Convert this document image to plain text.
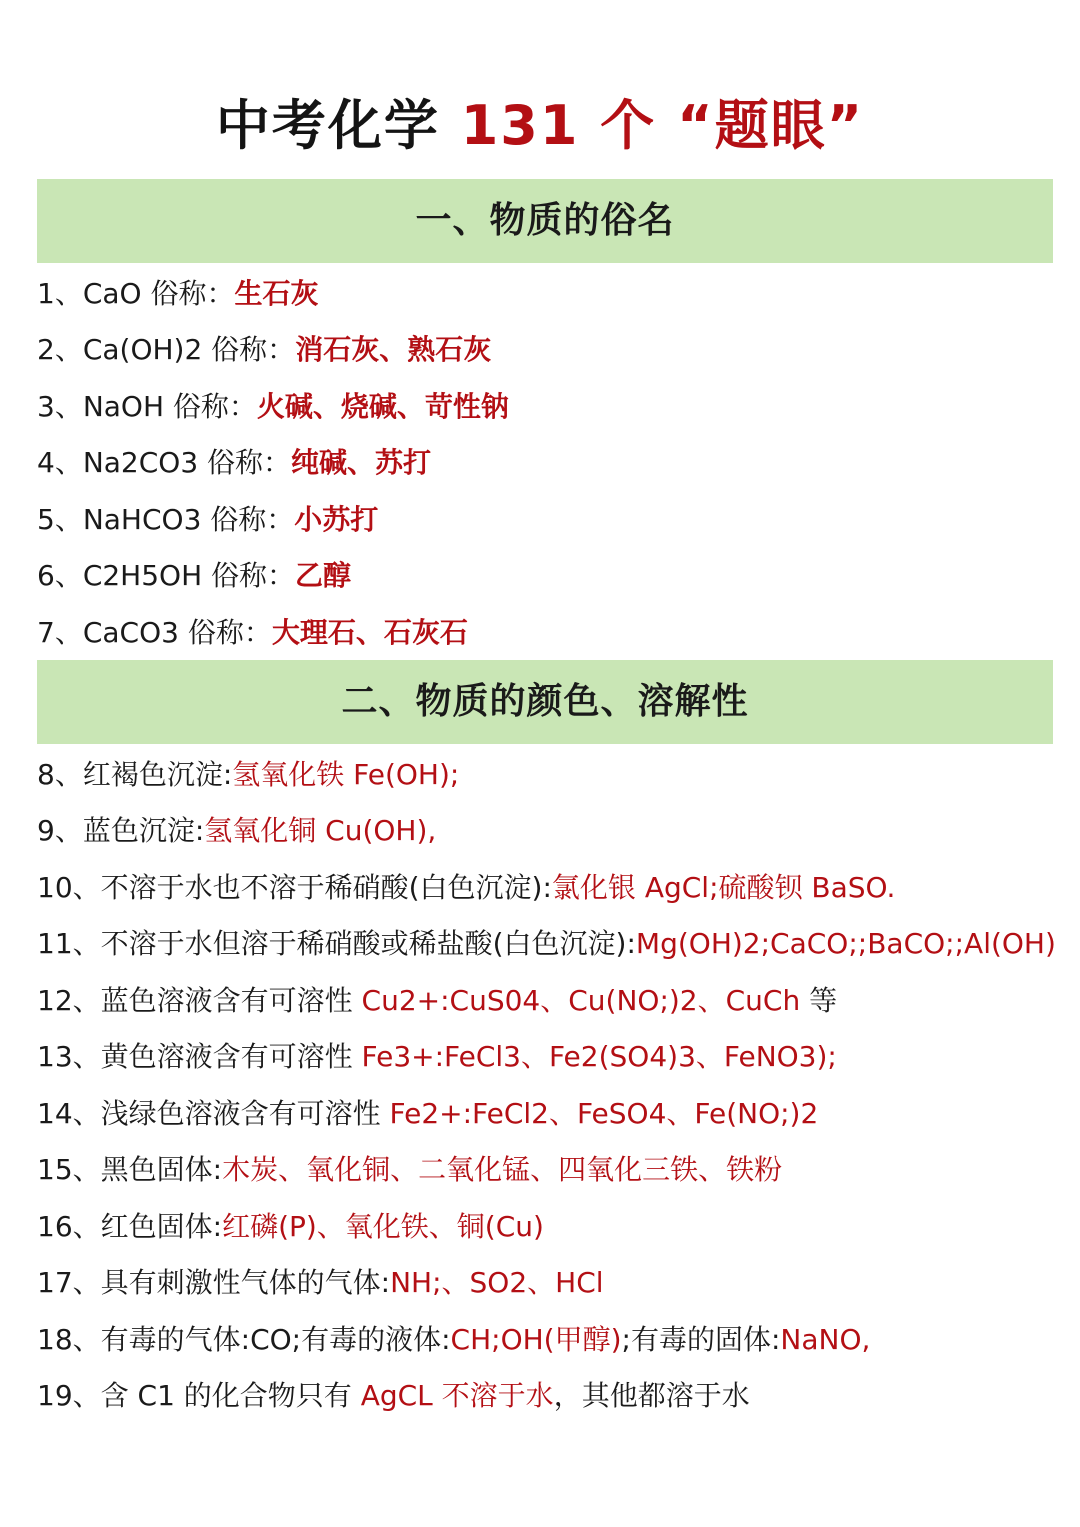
中考化学 131 个 “题眼”
一、物质的俗名
1、CaO 俗称：生石灰
2、Ca(OH)2 俗称：消石灰、熟石灰
3、NaOH 俗称：火碱、烧碱、苛性钠
4、Na2CO3 俗称：纯碱、苏打
5、NaHCO3 俗称：小苏打
6、C2H5OH 俗称：乙醇
7、CaCO3 俗称：大理石、石灰石
二、物质的颜色、溶解性
8、红褐色沉淀:氢氧化铁 Fe(OH);
9、蓝色沉淀:氢氧化铜 Cu(OH),
10、不溶于水也不溶于稀硝酸(白色沉淀):氯化银 AgCl;硫酸钡 BaSO.
11、不溶于水但溶于稀硝酸或稀盐酸(白色沉淀):Mg(OH)2;CaCO;;BaCO;;Al(OH)
12、蓝色溶液含有可溶性 Cu2+:CuS04、Cu(NO;)2、CuCh 等
13、黄色溶液含有可溶性 Fe3+:FeCl3、Fe2(SO4)3、FeNO3);
14、浅绿色溶液含有可溶性 Fe2+:FeCl2、FeSO4、Fe(NO;)2
15、黑色固体:木炭、氧化铜、二氧化锰、四氧化三铁、铁粉
16、红色固体:红磷(P)、氧化铁、铜(Cu)
17、具有刺激性气体的气体:NH;、SO2、HCl
18、有毒的气体:CO;有毒的液体:CH;OH(甲醇);有毒的固体:NaNO,
19、含 C1 的化合物只有 AgCL 不溶于水，其他都溶于水
